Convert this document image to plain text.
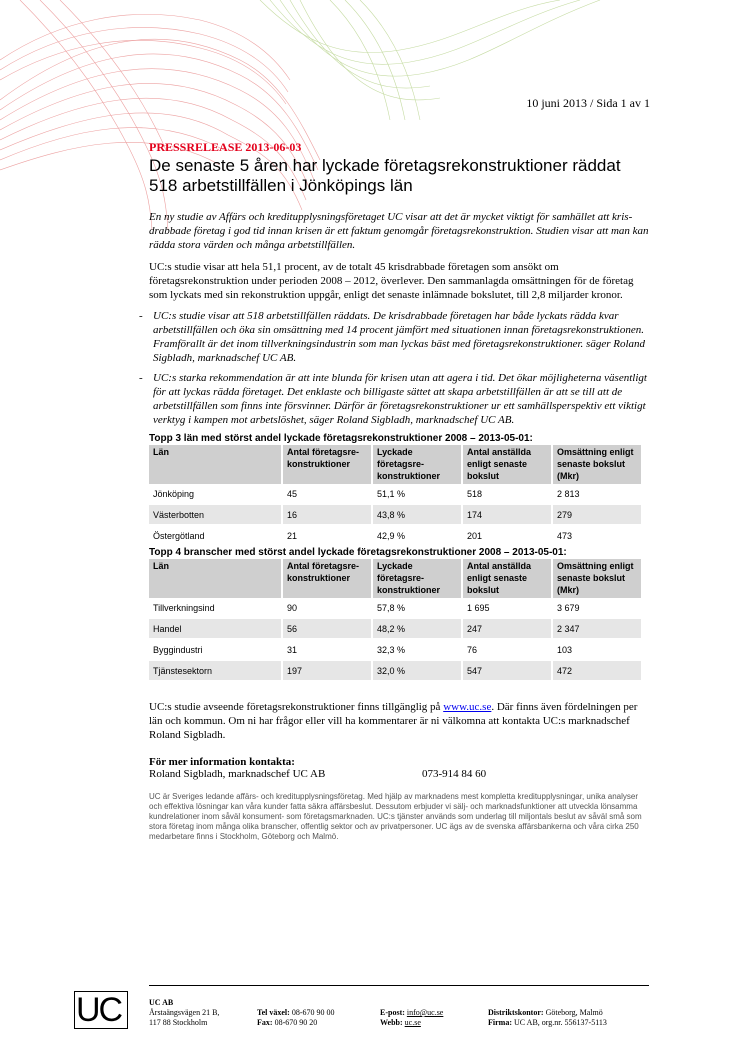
10 juni 2013 / Sida 1 av 1

PRESSRELEASE 2013-06-03

De senaste 5 åren har lyckade företagsrekonstruktioner räddat
518 arbetstillfällen i Jönköpings län

En ny studie av Affärs och kreditupplysningsföretaget UC visar att det är mycket viktigt för samhället att krisdrabbade företag i god tid innan krisen är ett faktum genomgår företagsrekonstruktion. Studien visar att man kan rädda stora värden och många arbetstillfällen.

UC:s studie visar att hela 51,1 procent, av de totalt 45 krisdrabbade företagen som ansökt om företagsrekonstruktion under perioden 2008 – 2012, överlever. Den sammanlagda omsättningen för de företag som lyckats med sin rekonstruktion uppgår, enligt det senaste inlämnade bokslutet, till 2,8 miljarder kronor.

- UC:s studie visar att 518 arbetstillfällen räddats. De krisdrabbade företagen har både lyckats rädda kvar arbetstillfällen och öka sin omsättning med 14 procent jämfört med situationen innan företagsrekonstruktionen. Framförallt är det inom tillverkningsindustrin som man lyckas bäst med företagsrekonstruktioner. säger Roland Sigbladh, marknadschef UC AB.
- UC:s starka rekommendation är att inte blunda för krisen utan att agera i tid. Det ökar möjligheterna väsentligt för att lyckas rädda företaget. Det enklaste och billigaste sättet att skapa arbetstillfällen är att se till att de arbetstillfällen som finns inte försvinner. Därför är företagsrekonstruktioner ur ett samhällsperspektiv ett viktigt verktyg i kampen mot arbetslöshet, säger Roland Sigbladh, marknadschef UC AB.

Topp 3 län med störst andel lyckade företagsrekonstruktioner 2008 – 2013-05-01:

Län	Antal företagsre-konstruktioner	Lyckade företagsre-konstruktioner	Antal anställda enligt senaste bokslut	Omsättning enligt senaste bokslut (Mkr)
Jönköping	45	51,1 %	518	2 813
Västerbotten	16	43,8 %	174	279
Östergötland	21	42,9 %	201	473

Topp 4 branscher med störst andel lyckade företagsrekonstruktioner 2008 – 2013-05-01:

Län	Antal företagsre-konstruktioner	Lyckade företagsre-konstruktioner	Antal anställda enligt senaste bokslut	Omsättning enligt senaste bokslut (Mkr)
Tillverkningsind	90	57,8 %	1 695	3 679
Handel	56	48,2 %	247	2 347
Byggindustri	31	32,3 %	76	103
Tjänstesektorn	197	32,0 %	547	472

UC:s studie avseende företagsrekonstruktioner finns tillgänglig på www.uc.se. Där finns även fördelningen per län och kommun. Om ni har frågor eller vill ha kommentarer är ni välkomna att kontakta UC:s marknadschef Roland Sigbladh.

För mer information kontakta:

Roland Sigbladh, marknadschef UC AB	073-914 84 60

UC är Sveriges ledande affärs- och kreditupplysningsföretag. Med hjälp av marknadens mest kompletta kreditupplysningar, unika analyser och effektiva lösningar kan våra kunder fatta säkra affärsbeslut. Dessutom erbjuder vi sälj- och marknadsfunktioner att utveckla lönsamma kundrelationer inom såväl konsument- som företagsmarknaden. UC:s tjänster används som underlag till miljontals beslut av såväl små som stora företag inom många olika branscher, offentlig sektor och av privatpersoner. UC ägs av de svenska affärsbankerna och våra cirka 250 medarbetare finns i Stockholm, Göteborg och Malmö.

UC	UC AB
Årstaängsvägen 21 B,
117 88 Stockholm
Tel växel: 08-670 90 00
Fax: 08-670 90 20
E-post: info@uc.se
Webb: uc.se
Distriktskontor: Göteborg, Malmö
Firma: UC AB, org.nr. 556137-5113
